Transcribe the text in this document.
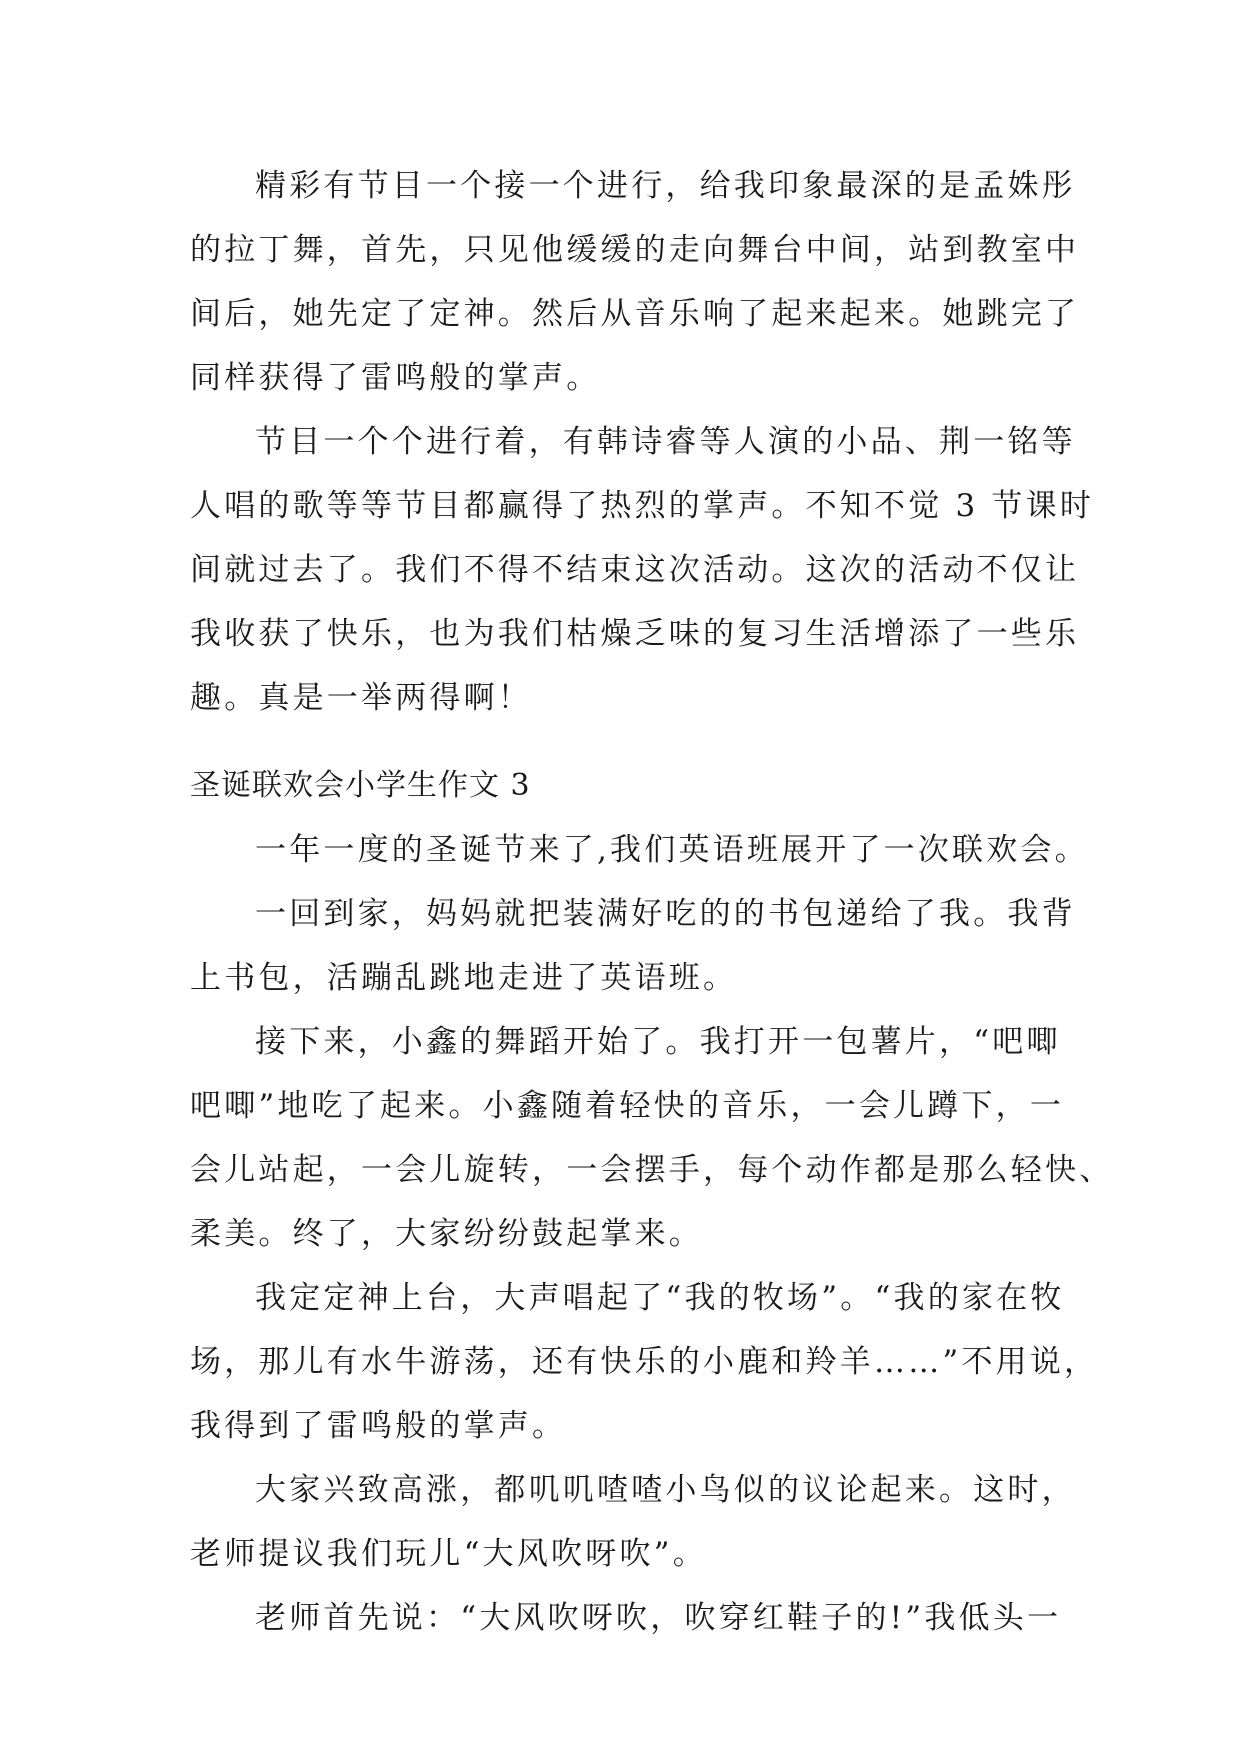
精彩有节目一个接一个进行，给我印象最深的是孟姝彤
的拉丁舞，首先，只见他缓缓的走向舞台中间，站到教室中
间后，她先定了定神。然后从音乐响了起来起来。她跳完了
同样获得了雷鸣般的掌声。
节目一个个进行着，有韩诗睿等人演的小品、荆一铭等
人唱的歌等等节目都赢得了热烈的掌声。不知不觉 3 节课时
间就过去了。我们不得不结束这次活动。这次的活动不仅让
我收获了快乐，也为我们枯燥乏味的复习生活增添了一些乐
趣。真是一举两得啊！
圣诞联欢会小学生作文 3
一年一度的圣诞节来了,我们英语班展开了一次联欢会。
一回到家，妈妈就把装满好吃的的书包递给了我。我背
上书包，活蹦乱跳地走进了英语班。
接下来，小鑫的舞蹈开始了。我打开一包薯片，“吧唧
吧唧”地吃了起来。小鑫随着轻快的音乐，一会儿蹲下，一
会儿站起，一会儿旋转，一会摆手，每个动作都是那么轻快、
柔美。终了，大家纷纷鼓起掌来。
我定定神上台，大声唱起了“我的牧场”。“我的家在牧
场，那儿有水牛游荡，还有快乐的小鹿和羚羊……”不用说，
我得到了雷鸣般的掌声。
大家兴致高涨，都叽叽喳喳小鸟似的议论起来。这时，
老师提议我们玩儿“大风吹呀吹”。
老师首先说：“大风吹呀吹，吹穿红鞋子的!”我低头一
